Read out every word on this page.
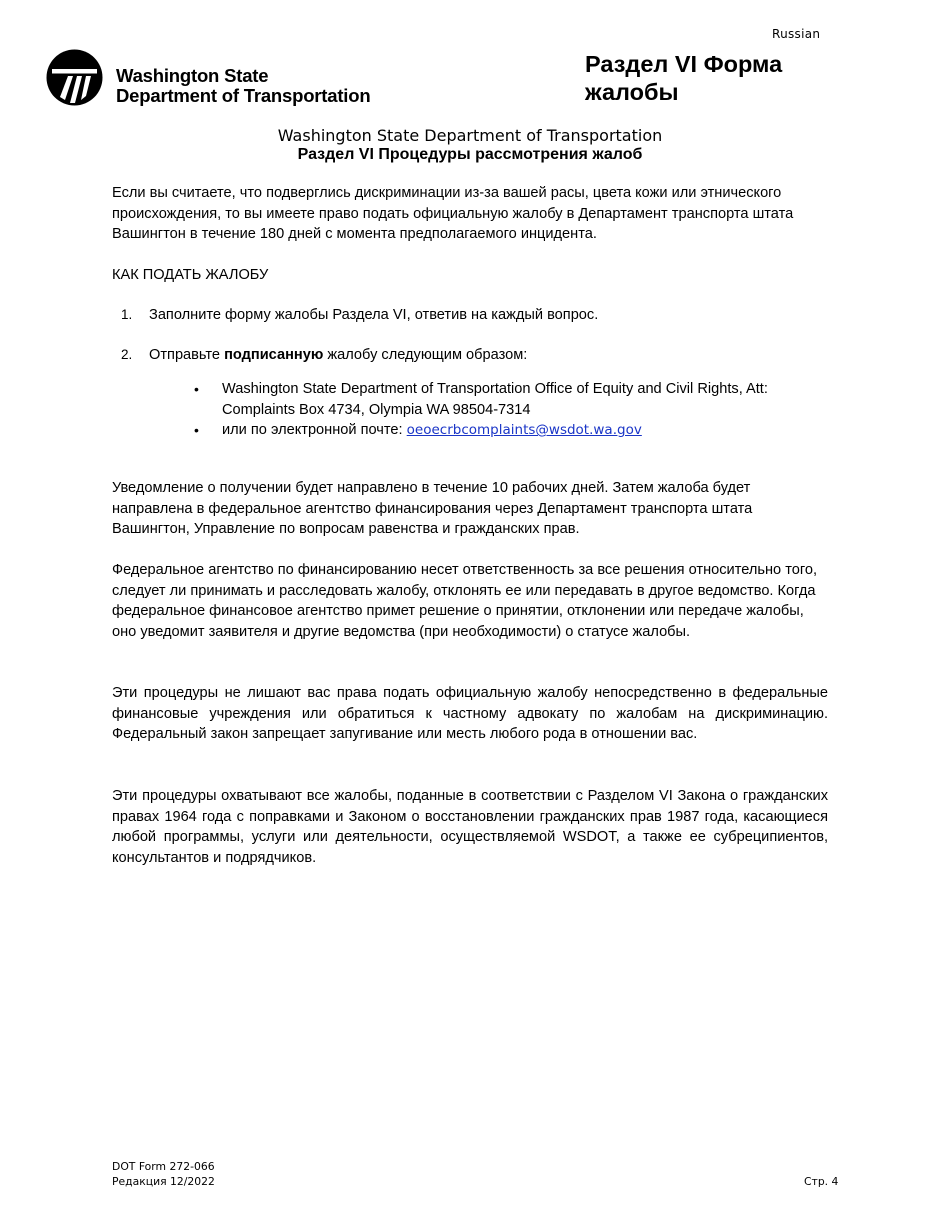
Russian
Washington State
Department of Transportation
Раздел VI Форма жалобы
Washington State Department of Transportation
Раздел VI Процедуры рассмотрения жалоб
Если вы считаете, что подверглись дискриминации из-за вашей расы, цвета кожи или этнического происхождения, то вы имеете право подать официальную жалобу в Департамент транспорта штата Вашингтон в течение 180 дней с момента предполагаемого инцидента.
КАК ПОДАТЬ ЖАЛОБУ
1. Заполните форму жалобы Раздела VI, ответив на каждый вопрос.
2. Отправьте подписанную жалобу следующим образом:
• Washington State Department of Transportation Office of Equity and Civil Rights, Att: Complaints Box 4734, Olympia WA 98504-7314
• или по электронной почте: oeoecrbcomplaints@wsdot.wa.gov
Уведомление о получении будет направлено в течение 10 рабочих дней. Затем жалоба будет направлена в федеральное агентство финансирования через Департамент транспорта штата Вашингтон, Управление по вопросам равенства и гражданских прав.
Федеральное агентство по финансированию несет ответственность за все решения относительно того, следует ли принимать и расследовать жалобу, отклонять ее или передавать в другое ведомство. Когда федеральное финансовое агентство примет решение о принятии, отклонении или передаче жалобы, оно уведомит заявителя и другие ведомства (при необходимости) о статусе жалобы.
Эти процедуры не лишают вас права подать официальную жалобу непосредственно в федеральные финансовые учреждения или обратиться к частному адвокату по жалобам на дискриминацию. Федеральный закон запрещает запугивание или месть любого рода в отношении вас.
Эти процедуры охватывают все жалобы, поданные в соответствии с Разделом VI Закона о гражданских правах 1964 года с поправками и Законом о восстановлении гражданских прав 1987 года, касающиеся любой программы, услуги или деятельности, осуществляемой WSDOT, а также ее субреципиентов, консультантов и подрядчиков.
DOT Form 272-066
Редакция 12/2022	Стр. 4
